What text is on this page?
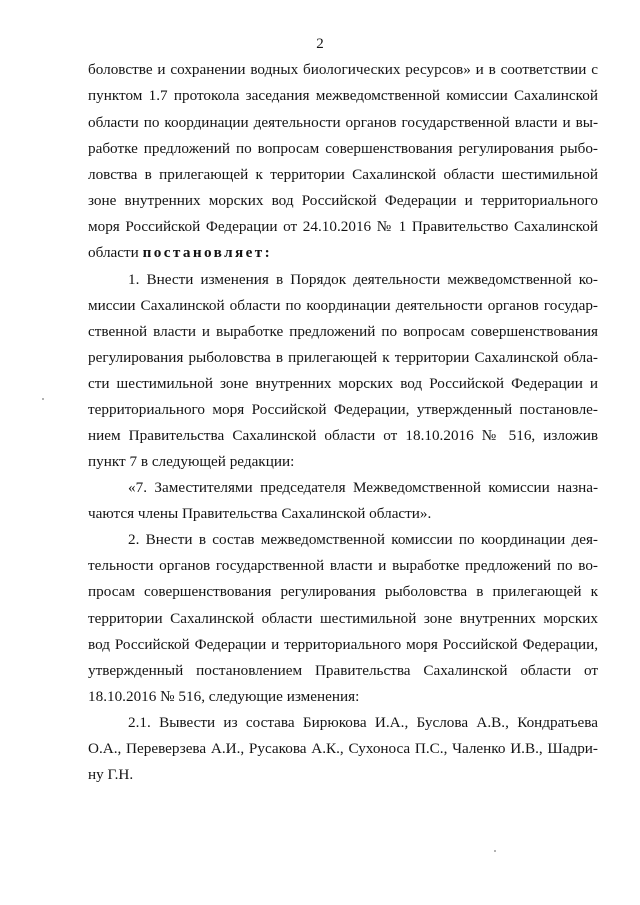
2
боловстве и сохранении водных биологических ресурсов» и в соответствии с
пунктом 1.7 протокола заседания межведомственной комиссии Сахалинской
области по координации деятельности органов государственной власти и вы-
работке предложений по вопросам совершенствования регулирования рыбо-
ловства в прилегающей к территории Сахалинской области шестимильной
зоне внутренних морских вод Российской Федерации и территориального
моря Российской Федерации от 24.10.2016 № 1 Правительство Сахалинской
области постановляет:
1. Внести изменения в Порядок деятельности межведомственной ко-
миссии Сахалинской области по координации деятельности органов государ-
ственной власти и выработке предложений по вопросам совершенствования
регулирования рыболовства в прилегающей к территории Сахалинской обла-
сти шестимильной зоне внутренних морских вод Российской Федерации и
территориального моря Российской Федерации, утвержденный постановле-
нием Правительства Сахалинской области от 18.10.2016 № 516, изложив
пункт 7 в следующей редакции:
«7. Заместителями председателя Межведомственной комиссии назна-
чаются члены Правительства Сахалинской области».
2. Внести в состав межведомственной комиссии по координации дея-
тельности органов государственной власти и выработке предложений по во-
просам совершенствования регулирования рыболовства в прилегающей к
территории Сахалинской области шестимильной зоне внутренних морских
вод Российской Федерации и территориального моря Российской Федерации,
утвержденный постановлением Правительства Сахалинской области от
18.10.2016 № 516, следующие изменения:
2.1. Вывести из состава Бирюкова И.А., Буслова А.В., Кондратьева
О.А., Переверзева А.И., Русакова А.К., Сухоноса П.С., Чаленко И.В., Шадри-
ну Г.Н.
